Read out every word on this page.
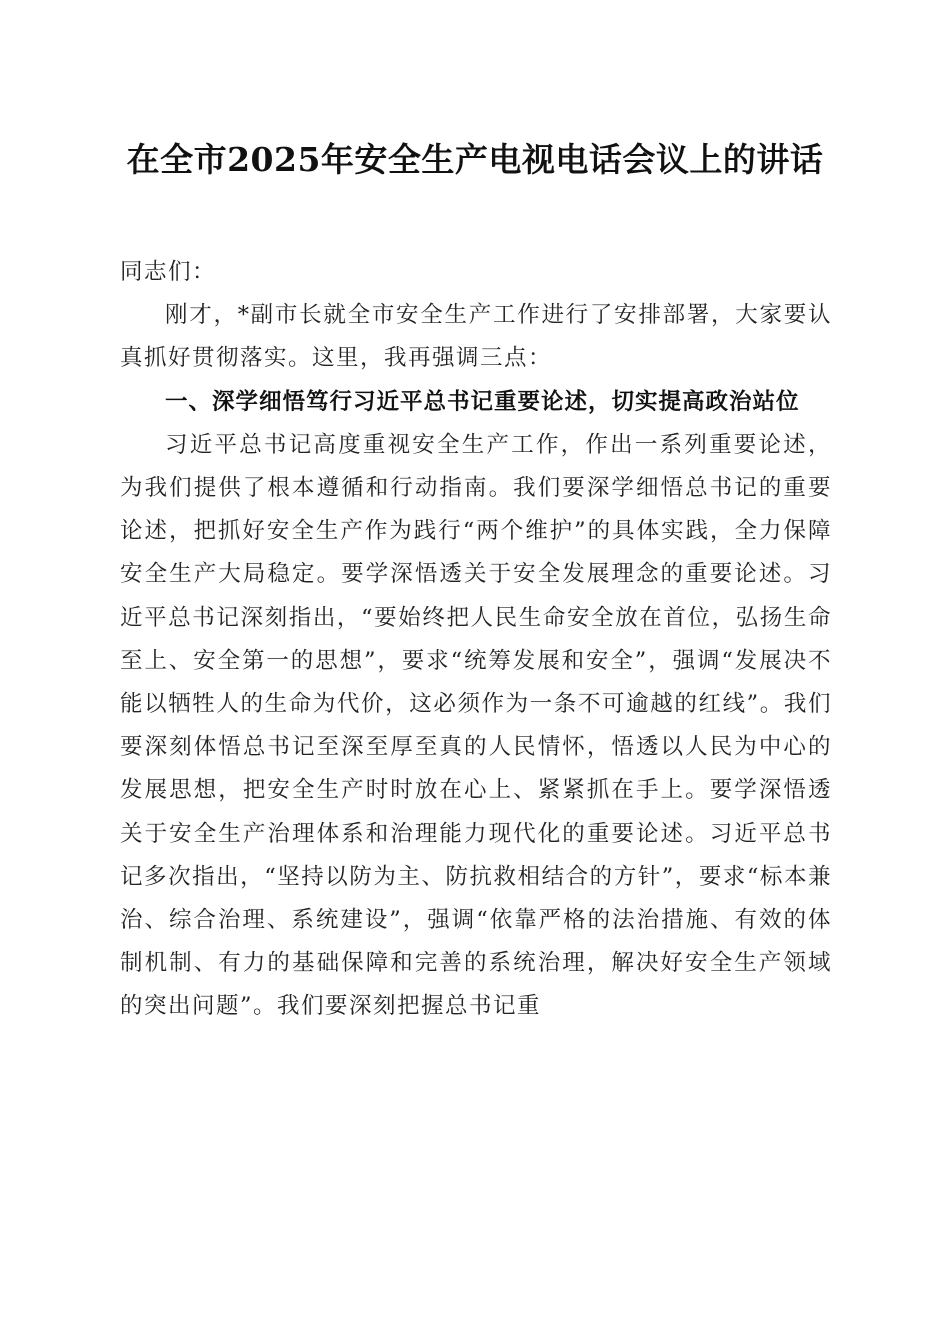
在全市2025年安全生产电视电话会议上的讲话

同志们：

刚才，*副市长就全市安全生产工作进行了安排部署，大家要认真抓好贯彻落实。这里，我再强调三点：

一、深学细悟笃行习近平总书记重要论述，切实提高政治站位

习近平总书记高度重视安全生产工作，作出一系列重要论述，为我们提供了根本遵循和行动指南。我们要深学细悟总书记的重要论述，把抓好安全生产作为践行“两个维护”的具体实践，全力保障安全生产大局稳定。要学深悟透关于安全发展理念的重要论述。习近平总书记深刻指出，“要始终把人民生命安全放在首位，弘扬生命至上、安全第一的思想”，要求“统筹发展和安全”，强调“发展决不能以牺牲人的生命为代价，这必须作为一条不可逾越的红线”。我们要深刻体悟总书记至深至厚至真的人民情怀，悟透以人民为中心的发展思想，把安全生产时时放在心上、紧紧抓在手上。要学深悟透关于安全生产治理体系和治理能力现代化的重要论述。习近平总书记多次指出，“坚持以防为主、防抗救相结合的方针”，要求“标本兼治、综合治理、系统建设”，强调“依靠严格的法治措施、有效的体制机制、有力的基础保障和完善的系统治理，解决好安全生产领域的突出问题”。我们要深刻把握总书记重
